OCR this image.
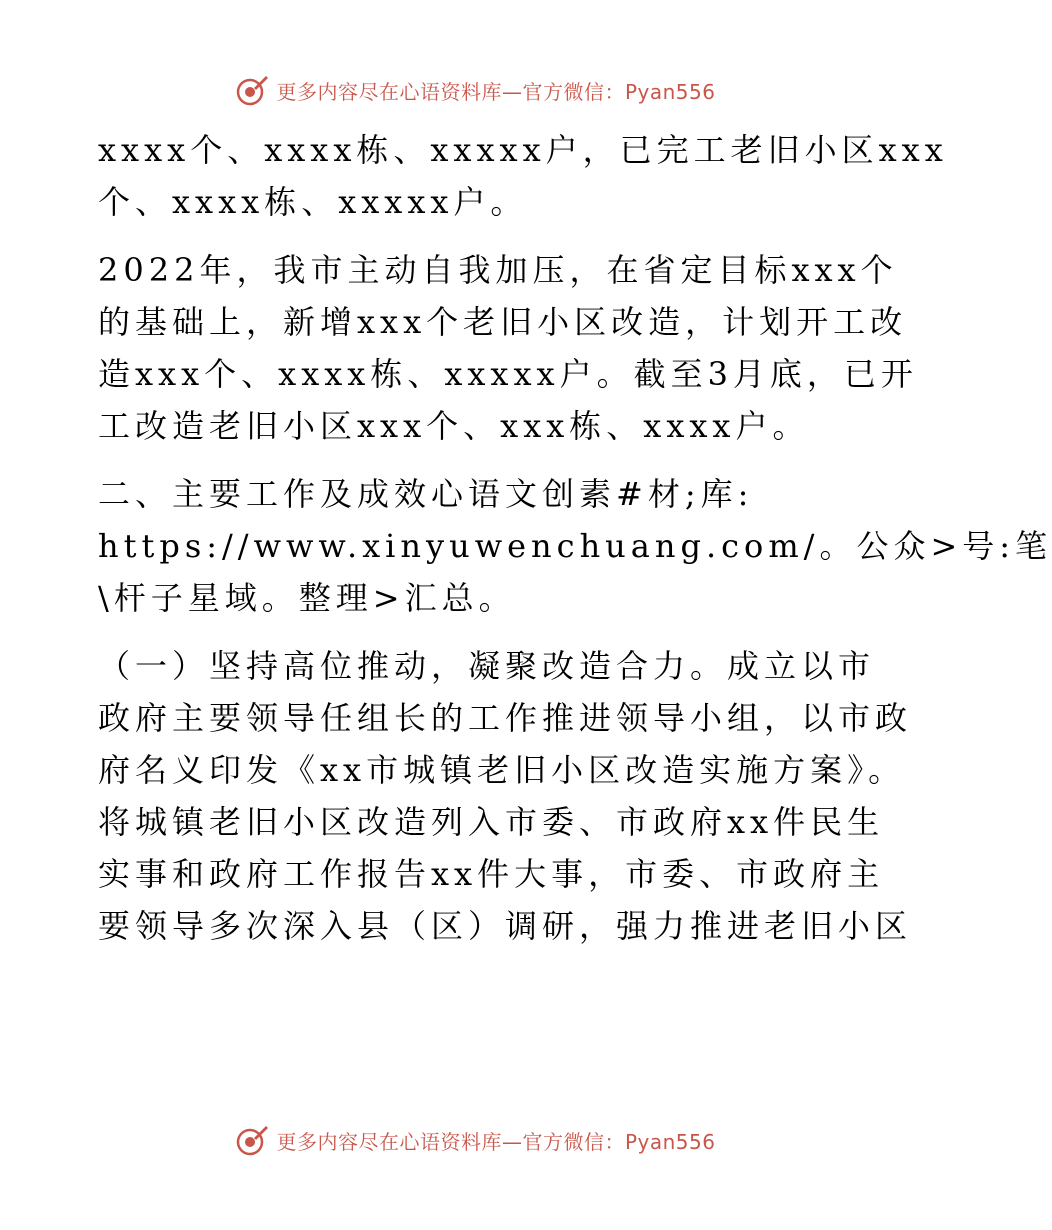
更多内容尽在心语资料库—官方微信：Pyan556
xxxx个、xxxx栋、xxxxx户，已完工老旧小区xxx
个、xxxx栋、xxxxx户。
2022年，我市主动自我加压，在省定目标xxx个
的基础上，新增xxx个老旧小区改造，计划开工改
造xxx个、xxxx栋、xxxxx户。截至3月底，已开
工改造老旧小区xxx个、xxx栋、xxxx户。
二、主要工作及成效心语文创素#材;库:
https://www.xinyuwenchuang.com/。公众>号:笔
\杆子星域。整理>汇总。
（一）坚持高位推动，凝聚改造合力。成立以市
政府主要领导任组长的工作推进领导小组，以市政
府名义印发《xx市城镇老旧小区改造实施方案》。
将城镇老旧小区改造列入市委、市政府xx件民生
实事和政府工作报告xx件大事，市委、市政府主
要领导多次深入县（区）调研，强力推进老旧小区
更多内容尽在心语资料库—官方微信：Pyan556
